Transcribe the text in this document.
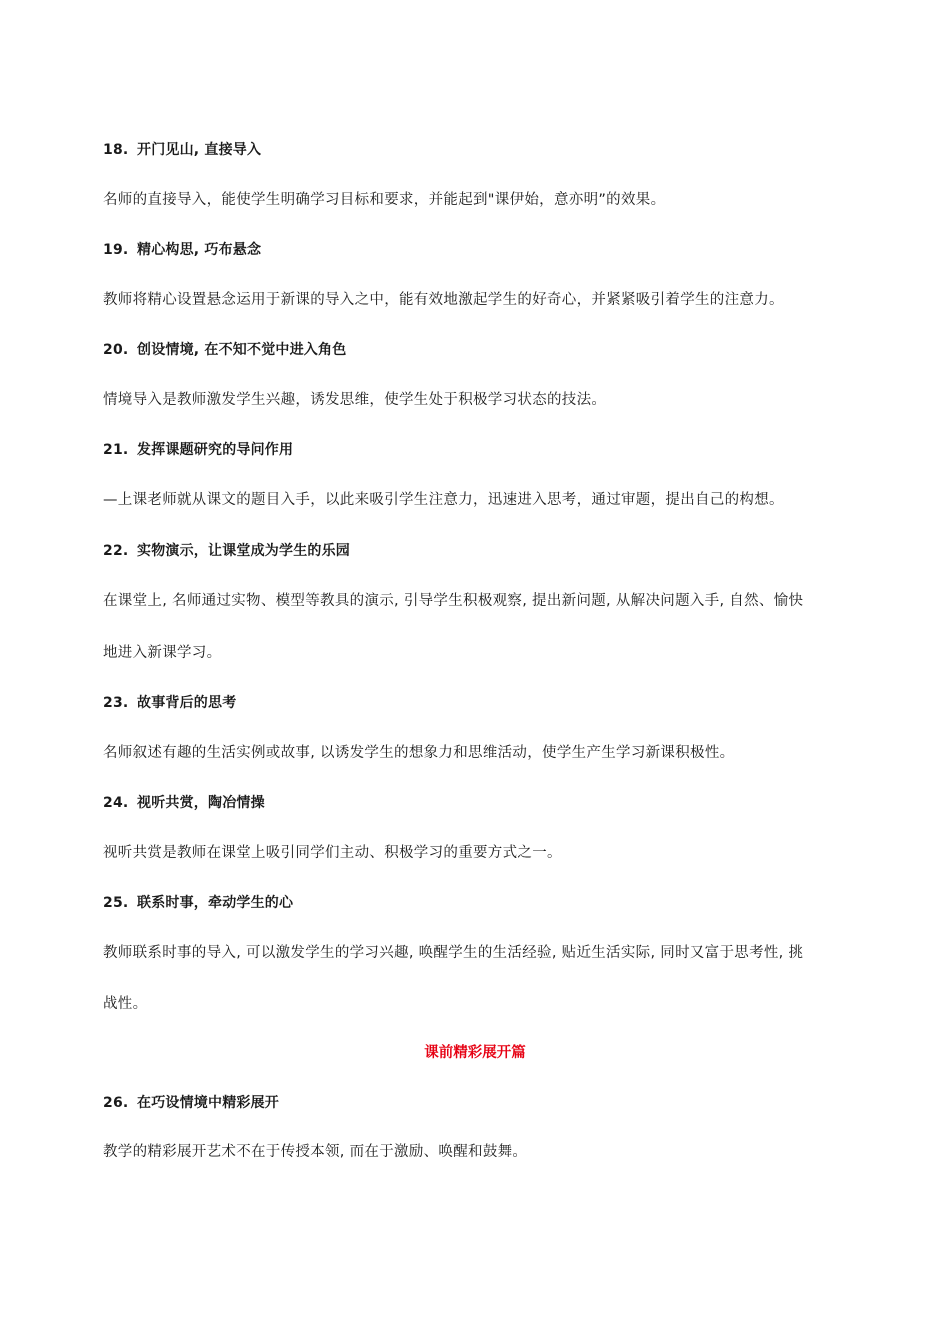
18. 开门见山, 直接导入
名师的直接导入，能使学生明确学习目标和要求，并能起到"课伊始，意亦明”的效果。
19. 精心构思, 巧布悬念
教师将精心设置悬念运用于新课的导入之中，能有效地激起学生的好奇心，并紧紧吸引着学生的注意力。
20. 创设情境, 在不知不觉中进入角色
情境导入是教师激发学生兴趣，诱发思维，使学生处于积极学习状态的技法。
21. 发挥课题研究的导问作用
—上课老师就从课文的题目入手，以此来吸引学生注意力，迅速进入思考，通过审题，提出自己的构想。
22. 实物演示，让课堂成为学生的乐园
在课堂上, 名师通过实物、模型等教具的演示, 引导学生积极观察, 提出新问题, 从解决问题入手, 自然、愉快
地进入新课学习。
23. 故事背后的思考
名师叙述有趣的生活实例或故事, 以诱发学生的想象力和思维活动，使学生产生学习新课积极性。
24. 视听共赏，陶冶情操
视听共赏是教师在课堂上吸引同学们主动、积极学习的重要方式之一。
25. 联系时事，牵动学生的心
教师联系时事的导入, 可以激发学生的学习兴趣, 唤醒学生的生活经验, 贴近生活实际, 同时又富于思考性, 挑
战性。
课前精彩展开篇
26. 在巧设情境中精彩展开
教学的精彩展开艺术不在于传授本领, 而在于激励、唤醒和鼓舞。
